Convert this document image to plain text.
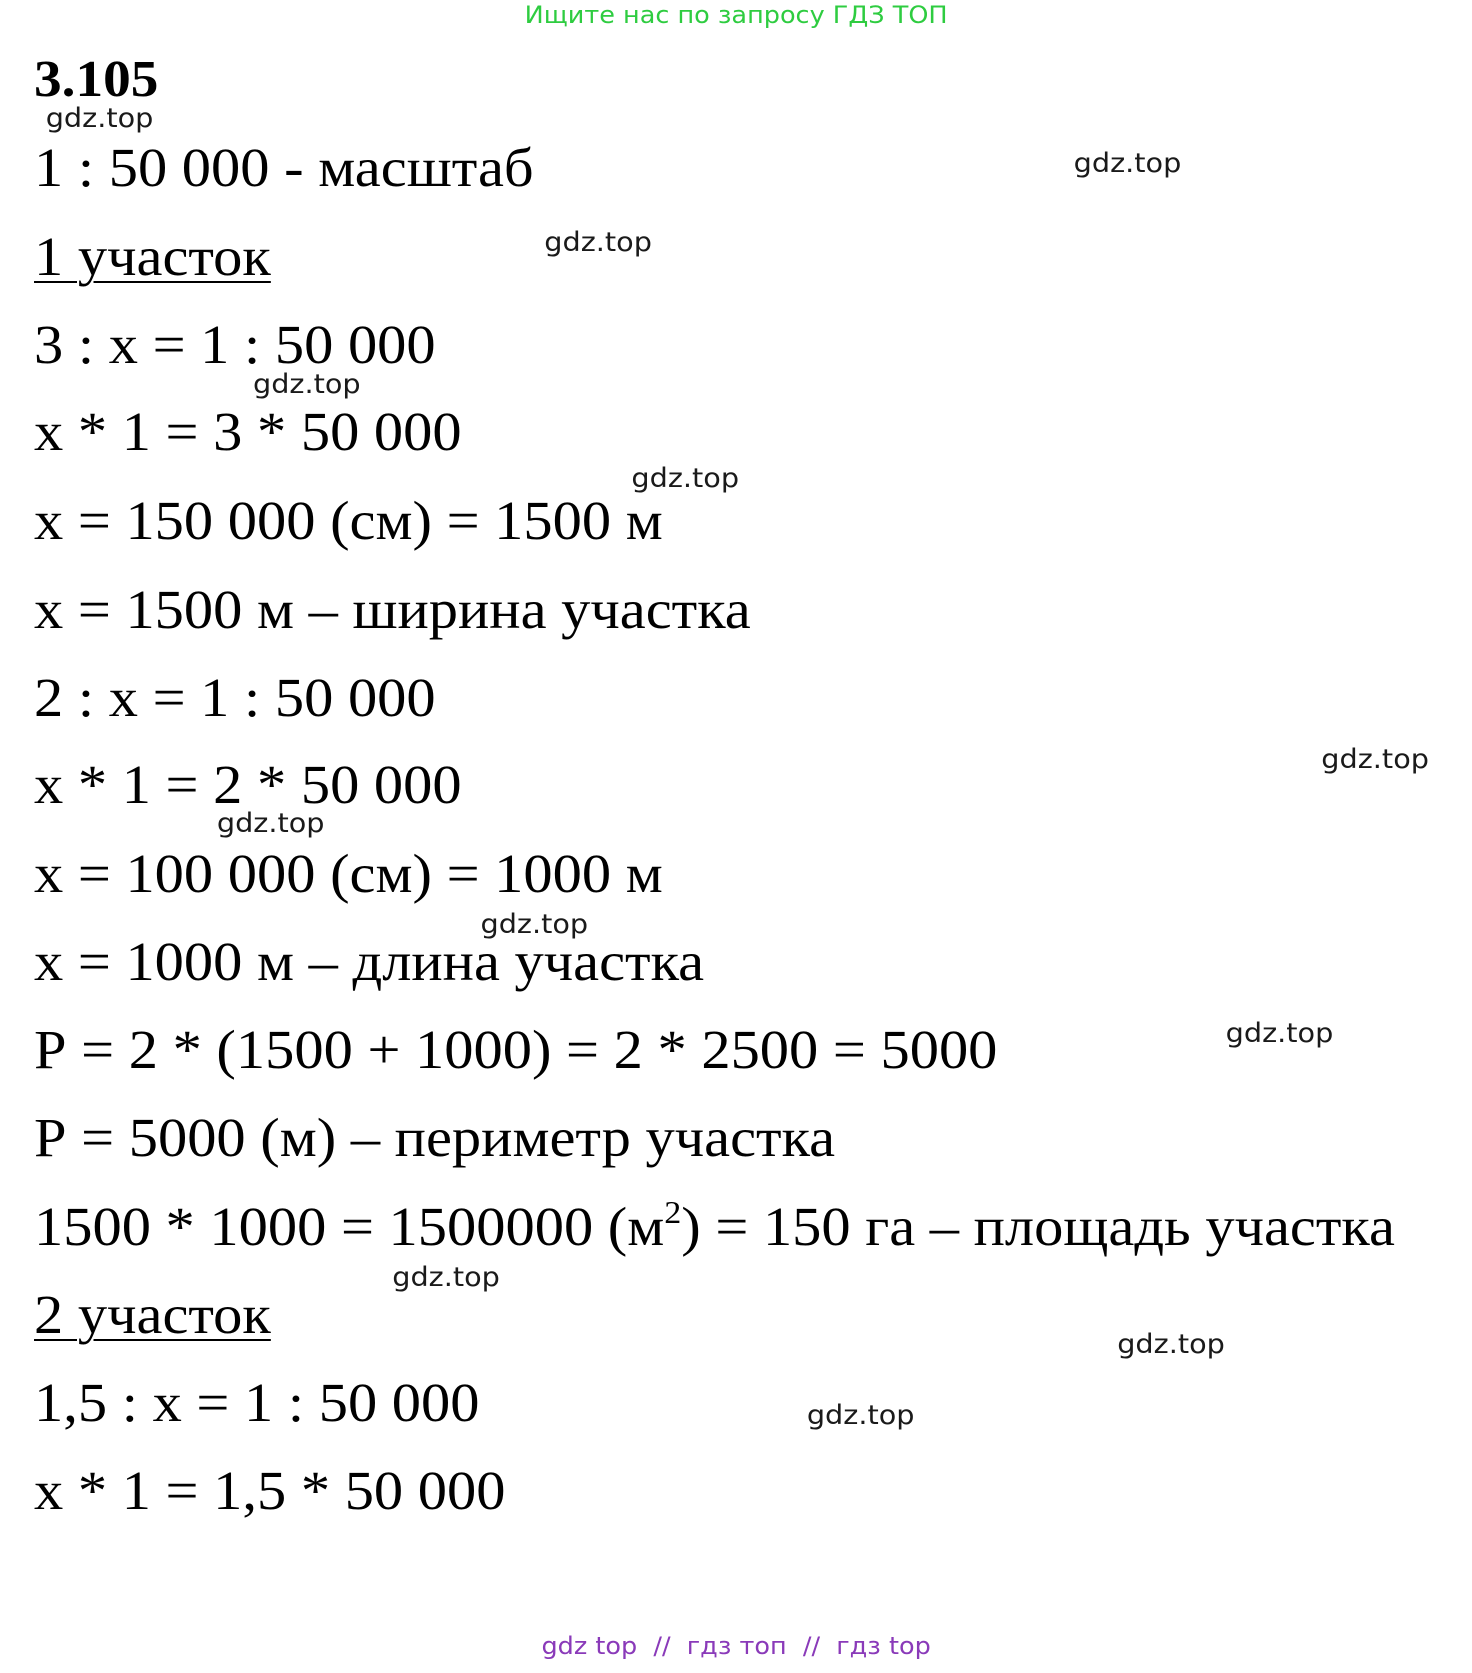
Ищите нас по запросу ГДЗ ТОП
3.105
1 : 50 000 - масштаб
1 участок
3 : х = 1 : 50 000
х * 1 = 3 * 50 000
х = 150 000 (см) = 1500 м
х = 1500 м – ширина участка
2 : х = 1 : 50 000
х * 1 = 2 * 50 000
х = 100 000 (см) = 1000 м
х = 1000 м – длина участка
Р = 2 * (1500 + 1000) = 2 * 2500 = 5000
Р = 5000 (м) – периметр участка
1500 * 1000 = 1500000 $(м^2) = 150$ га – площадь участка
2 участок
1,5 : х = 1 : 50 000
х * 1 = 1,5 * 50 000
gdz.top
gdz.top
gdz.top
gdz.top
gdz.top
gdz.top
gdz.top
gdz.top
gdz.top
gdz.top
gdz.top
gdz.top
gdz top  //  гдз топ  //  гдз top
